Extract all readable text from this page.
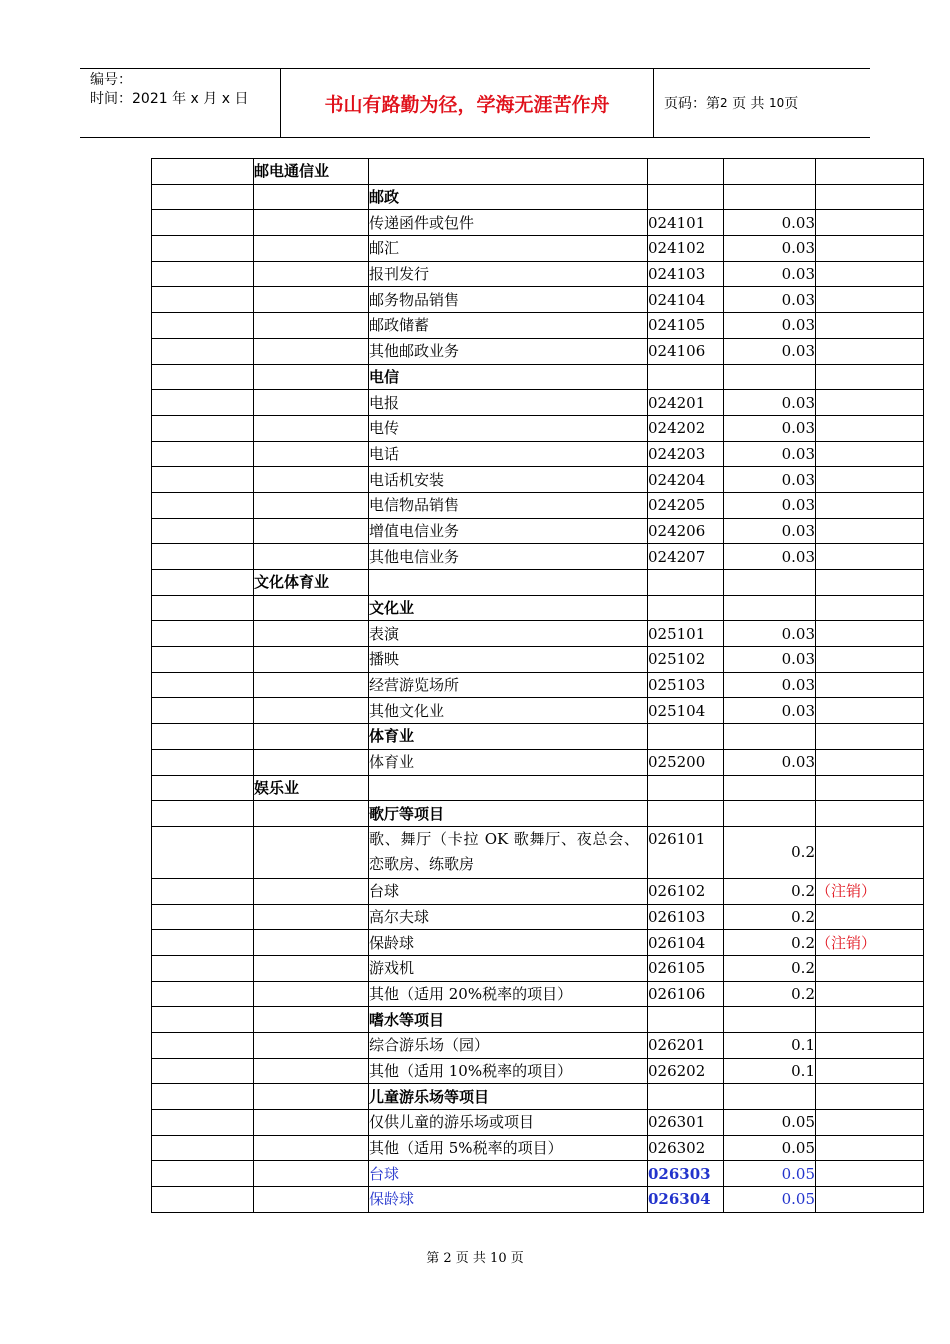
编号：
时间：2021 年 x 月 x 日	书山有路勤为径，学海无涯苦作舟	页码：第 2
页 共
10 页
	邮电通信业				
		邮政			
		传递函件或包件	024101	0.03	
		邮汇	024102	0.03	
		报刊发行	024103	0.03	
		邮务物品销售	024104	0.03	
		邮政储蓄	024105	0.03	
		其他邮政业务	024106	0.03	
		电信			
		电报	024201	0.03	
		电传	024202	0.03	
		电话	024203	0.03	
		电话机安装	024204	0.03	
		电信物品销售	024205	0.03	
		增值电信业务	024206	0.03	
		其他电信业务	024207	0.03	
	文化体育业				
		文化业			
		表演	025101	0.03	
		播映	025102	0.03	
		经营游览场所	025103	0.03	
		其他文化业	025104	0.03	
		体育业			
		体育业	025200	0.03	
	娱乐业				
		歌厅等项目			
		歌、舞厅（卡拉 OK 歌舞厅、夜总会、恋歌房、练歌房	026101	0.2	
		台球	026102	0.2	（注销）
		高尔夫球	026103	0.2	
		保龄球	026104	0.2	（注销）
		游戏机	026105	0.2	
		其他（适用 20%税率的项目）	026106	0.2	
		嗜水等项目			
		综合游乐场（园）	026201	0.1	
		其他（适用 10%税率的项目）	026202	0.1	
		儿童游乐场等项目			
		仅供儿童的游乐场或项目	026301	0.05	
		其他（适用 5%税率的项目）	026302	0.05	
		台球	026303	0.05	
		保龄球	026304	0.05	
第 2 页 共 10 页
